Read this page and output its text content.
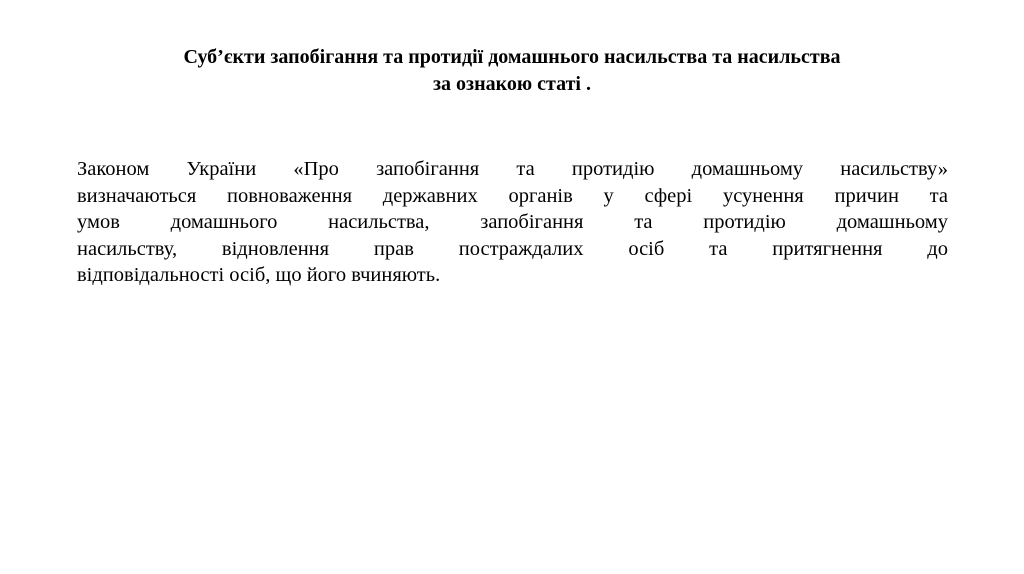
Суб’єкти запобігання та протидії домашнього насильства та насильства
за ознакою статі .
Законом України «Про запобігання та протидію домашньому насильству»
визначаються повноваження державних органів у сфері усунення причин та
умов домашнього насильства, запобігання та протидію домашньому
насильству, відновлення прав постраждалих осіб та притягнення до
відповідальності осіб, що його вчиняють.
